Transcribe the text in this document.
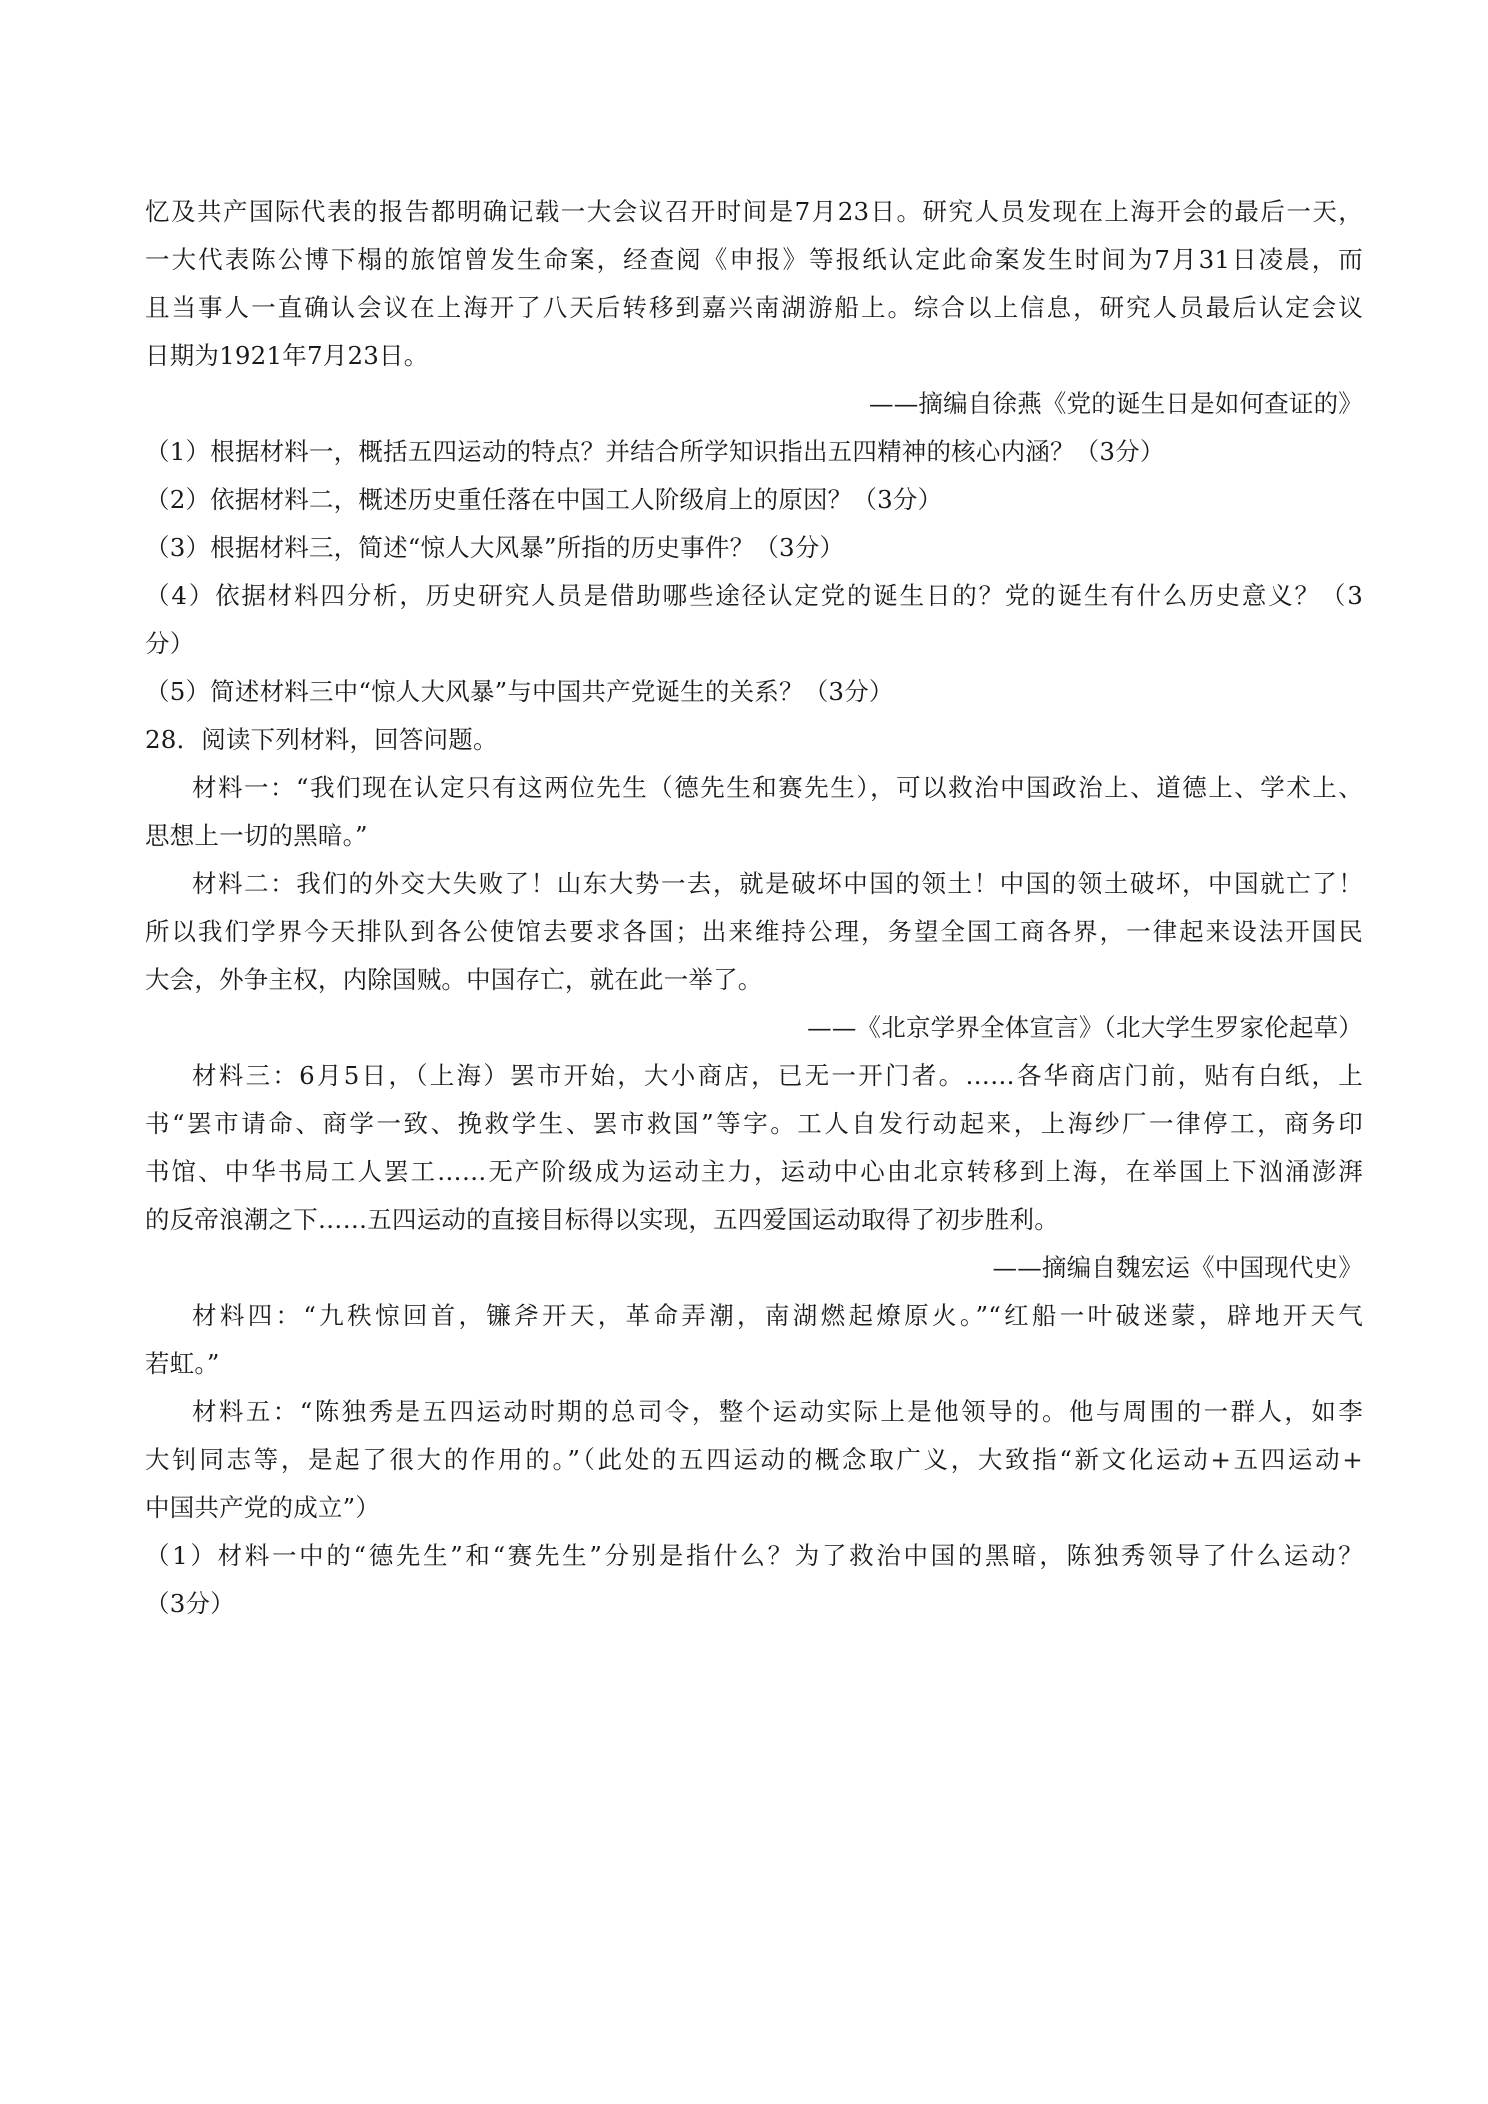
忆及共产国际代表的报告都明确记载一大会议召开时间是7月23日。研究人员发现在上海开会的最后一天，
一大代表陈公博下榻的旅馆曾发生命案，经查阅《申报》等报纸认定此命案发生时间为7月31日凌晨，而
且当事人一直确认会议在上海开了八天后转移到嘉兴南湖游船上。综合以上信息，研究人员最后认定会议
日期为1921年7月23日。
——摘编自徐燕《党的诞生日是如何查证的》
（1）根据材料一，概括五四运动的特点？并结合所学知识指出五四精神的核心内涵？（3分）
（2）依据材料二，概述历史重任落在中国工人阶级肩上的原因？（3分）
（3）根据材料三，简述“惊人大风暴”所指的历史事件？（3分）
（4）依据材料四分析，历史研究人员是借助哪些途径认定党的诞生日的？党的诞生有什么历史意义？（3
分）
（5）简述材料三中“惊人大风暴”与中国共产党诞生的关系？（3分）
28．阅读下列材料，回答问题。
材料一：“我们现在认定只有这两位先生（德先生和赛先生），可以救治中国政治上、道德上、学术上、
思想上一切的黑暗。”
材料二：我们的外交大失败了！山东大势一去，就是破坏中国的领土！中国的领土破坏，中国就亡了！
所以我们学界今天排队到各公使馆去要求各国；出来维持公理，务望全国工商各界，一律起来设法开国民
大会，外争主权，内除国贼。中国存亡，就在此一举了。
——《北京学界全体宣言》（北大学生罗家伦起草）
材料三：6月5日，（上海）罢市开始，大小商店，已无一开门者。……各华商店门前，贴有白纸，上
书“罢市请命、商学一致、挽救学生、罢市救国”等字。工人自发行动起来，上海纱厂一律停工，商务印
书馆、中华书局工人罢工……无产阶级成为运动主力，运动中心由北京转移到上海，在举国上下汹涌澎湃
的反帝浪潮之下……五四运动的直接目标得以实现，五四爱国运动取得了初步胜利。
——摘编自魏宏运《中国现代史》
材料四：“九秩惊回首，镰斧开天，革命弄潮，南湖燃起燎原火。”“红船一叶破迷蒙，辟地开天气
若虹。”
材料五：“陈独秀是五四运动时期的总司令，整个运动实际上是他领导的。他与周围的一群人，如李
大钊同志等，是起了很大的作用的。”（此处的五四运动的概念取广义，大致指“新文化运动+五四运动+
中国共产党的成立”）
（1）材料一中的“德先生”和“赛先生”分别是指什么？为了救治中国的黑暗，陈独秀领导了什么运动？
（3分）
